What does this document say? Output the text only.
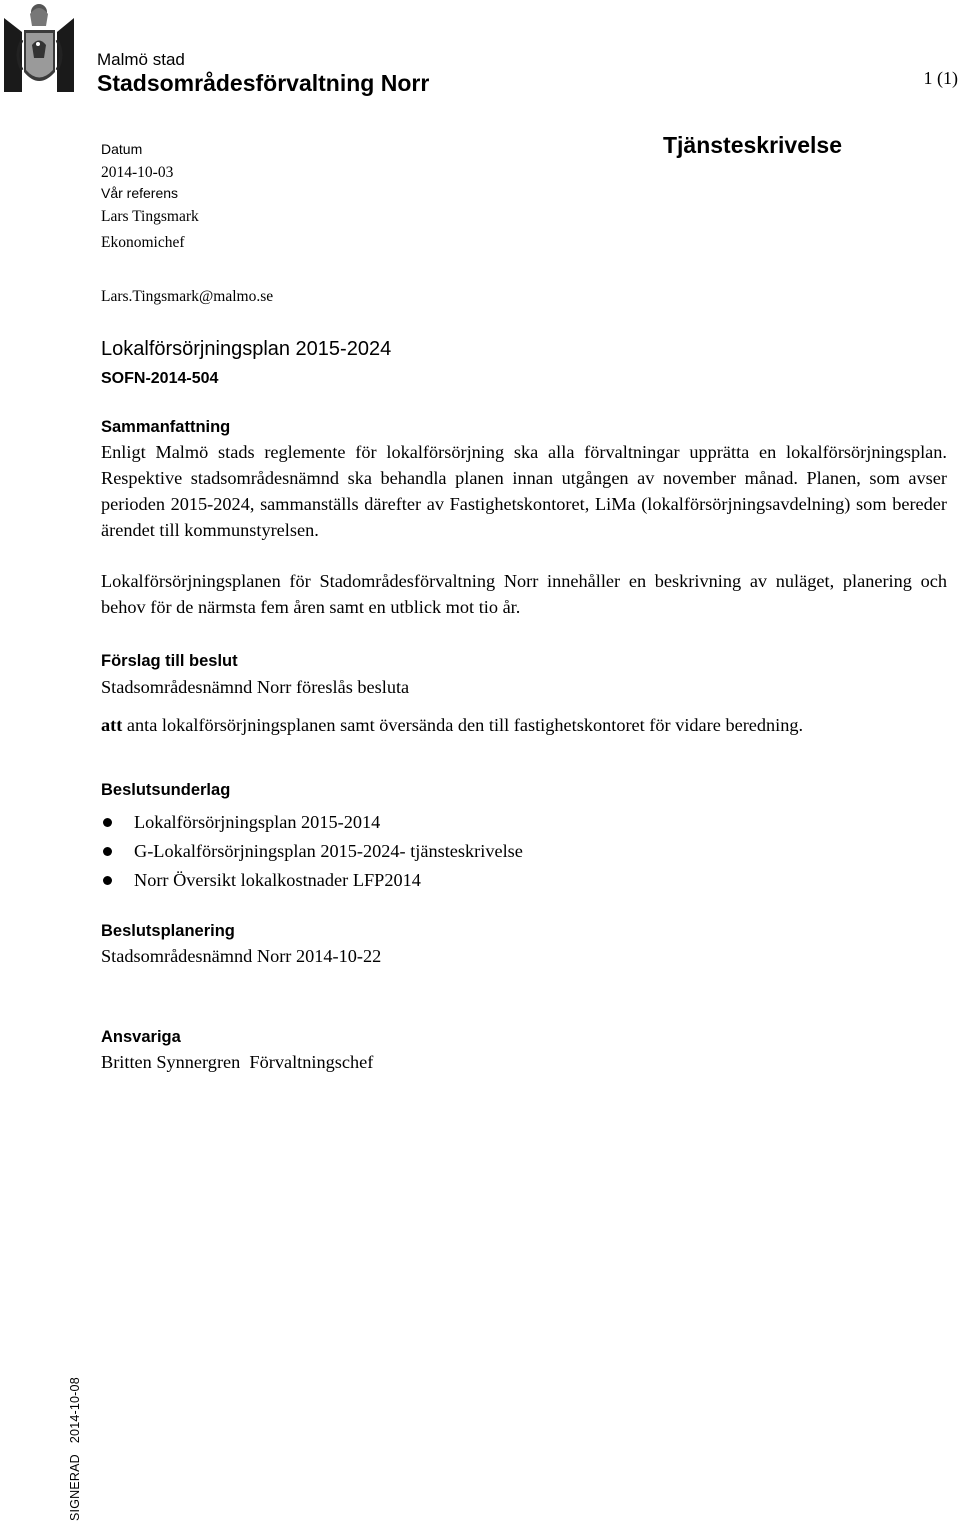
Malmö stad
Stadsområdesförvaltning Norr	1 (1)
Datum
2014-10-03
Vår referens
Lars Tingsmark
Ekonomichef
Lars.Tingsmark@malmo.se
Tjänsteskrivelse
Lokalförsörjningsplan 2015-2024
SOFN-2014-504
Sammanfattning

Enligt Malmö stads reglemente för lokalförsörjning ska alla förvaltningar upprätta en lokalförsörjningsplan. Respektive stadsområdesnämnd ska behandla planen innan utgången av november månad. Planen, som avser perioden 2015-2024, sammanställs därefter av Fastighetskontoret, LiMa (lokalförsörjningsavdelning) som bereder ärendet till kommunstyrelsen.

Lokalförsörjningsplanen för Stadområdesförvaltning Norr innehåller en beskrivning av nuläget, planering och behov för de närmsta fem åren samt en utblick mot tio år.

Förslag till beslut

Stadsområdesnämnd Norr föreslås besluta

att anta lokalförsörjningsplanen samt översända den till fastighetskontoret för vidare beredning.

Beslutsunderlag
Lokalförsörjningsplan 2015-2014
G-Lokalförsörjningsplan 2015-2024- tjänsteskrivelse
Norr Översikt lokalkostnader LFP2014
Beslutsplanering

Stadsområdesnämnd Norr 2014-10-22

Ansvariga

Britten Synnergren  Förvaltningschef

SIGNERAD   2014-10-08
